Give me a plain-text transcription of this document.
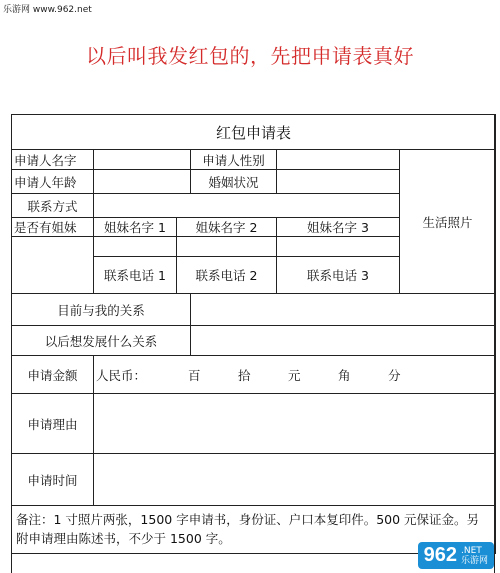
乐游网 www.962.net
以后叫我发红包的，先把申请表真好
红包申请表					
申请人名字			申请人性别		生活照片
申请人年龄			婚姻状况		
联系方式					
是否有姐妹	姐妹名字 1	姐妹名字 2		姐妹名字 3	

	联系电话 1	联系电话 2		联系电话 3	
目前与我的关系					
以后想发展什么关系					
申请金额	人民币： 百 拾 元 角 分				
申请理由					
申请时间					
备注：1 寸照片两张，1500 字申请书，身份证、户口本复印件。500 元保证金。另附申请理由陈述书，不少于 1500 字。					
962 .NET
乐游网
